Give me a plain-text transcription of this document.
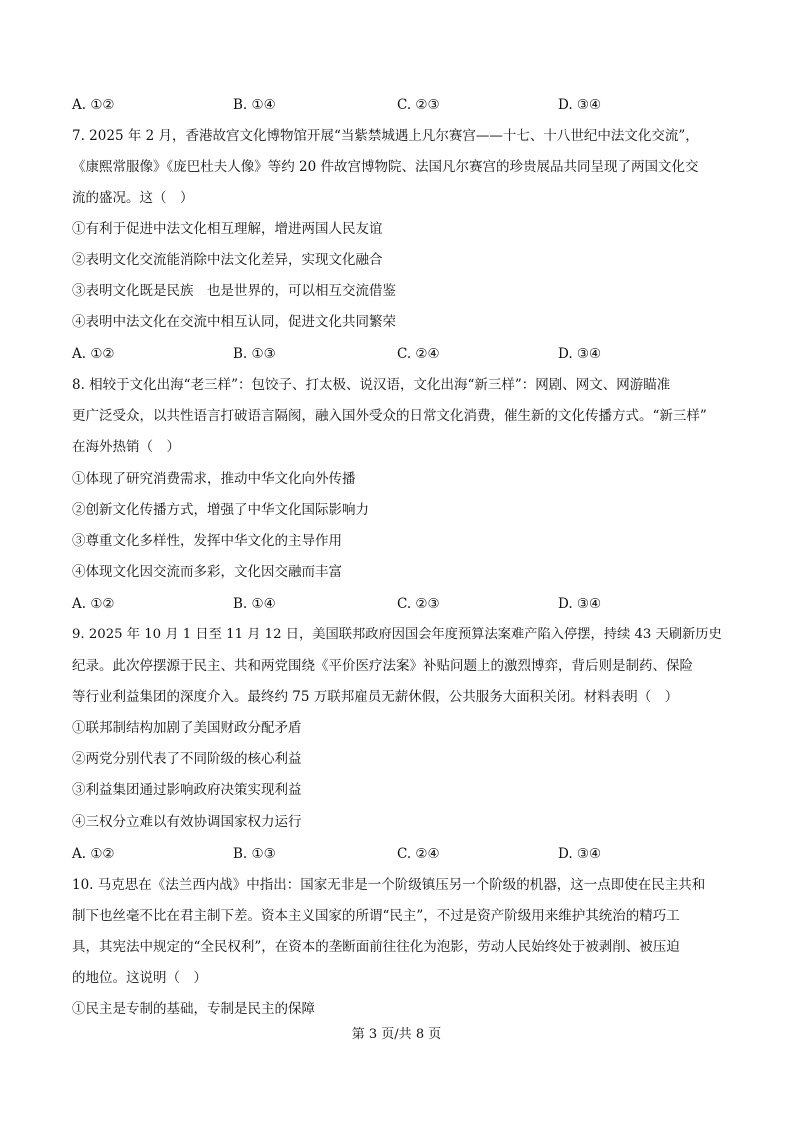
A. ①②	B. ①④	C. ②③	D. ③④
7. 2025 年 2 月，香港故宫文化博物馆开展“当紫禁城遇上凡尔赛宫——十七、十八世纪中法文化交流”，
《康熙常服像》《庞巴杜夫人像》等约 20 件故宫博物院、法国凡尔赛宫的珍贵展品共同呈现了两国文化交
流的盛况。这（　）
①有利于促进中法文化相互理解，增进两国人民友谊
②表明文化交流能消除中法文化差异，实现文化融合
③表明文化既是民族　也是世界的，可以相互交流借鉴
④表明中法文化在交流中相互认同，促进文化共同繁荣
A. ①②	B. ①③	C. ②④	D. ③④
8. 相较于文化出海“老三样”：包饺子、打太极、说汉语，文化出海“新三样”：网剧、网文、网游瞄准
更广泛受众，以共性语言打破语言隔阂，融入国外受众的日常文化消费，催生新的文化传播方式。“新三样”
在海外热销（　）
①体现了研究消费需求，推动中华文化向外传播
②创新文化传播方式，增强了中华文化国际影响力
③尊重文化多样性，发挥中华文化的主导作用
④体现文化因交流而多彩，文化因交融而丰富
A. ①②	B. ①④	C. ②③	D. ③④
9. 2025 年 10 月 1 日至 11 月 12 日，美国联邦政府因国会年度预算法案难产陷入停摆，持续 43 天刷新历史
纪录。此次停摆源于民主、共和两党围绕《平价医疗法案》补贴问题上的激烈博弈，背后则是制药、保险
等行业利益集团的深度介入。最终约 75 万联邦雇员无薪休假，公共服务大面积关闭。材料表明（　）
①联邦制结构加剧了美国财政分配矛盾
②两党分别代表了不同阶级的核心利益
③利益集团通过影响政府决策实现利益
④三权分立难以有效协调国家权力运行
A. ①②	B. ①③	C. ②④	D. ③④
10. 马克思在《法兰西内战》中指出：国家无非是一个阶级镇压另一个阶级的机器，这一点即使在民主共和
制下也丝毫不比在君主制下差。资本主义国家的所谓“民主”，不过是资产阶级用来维护其统治的精巧工
具，其宪法中规定的“全民权利”，在资本的垄断面前往往化为泡影，劳动人民始终处于被剥削、被压迫
的地位。这说明（　）
①民主是专制的基础，专制是民主的保障
第 3 页/共 8 页
